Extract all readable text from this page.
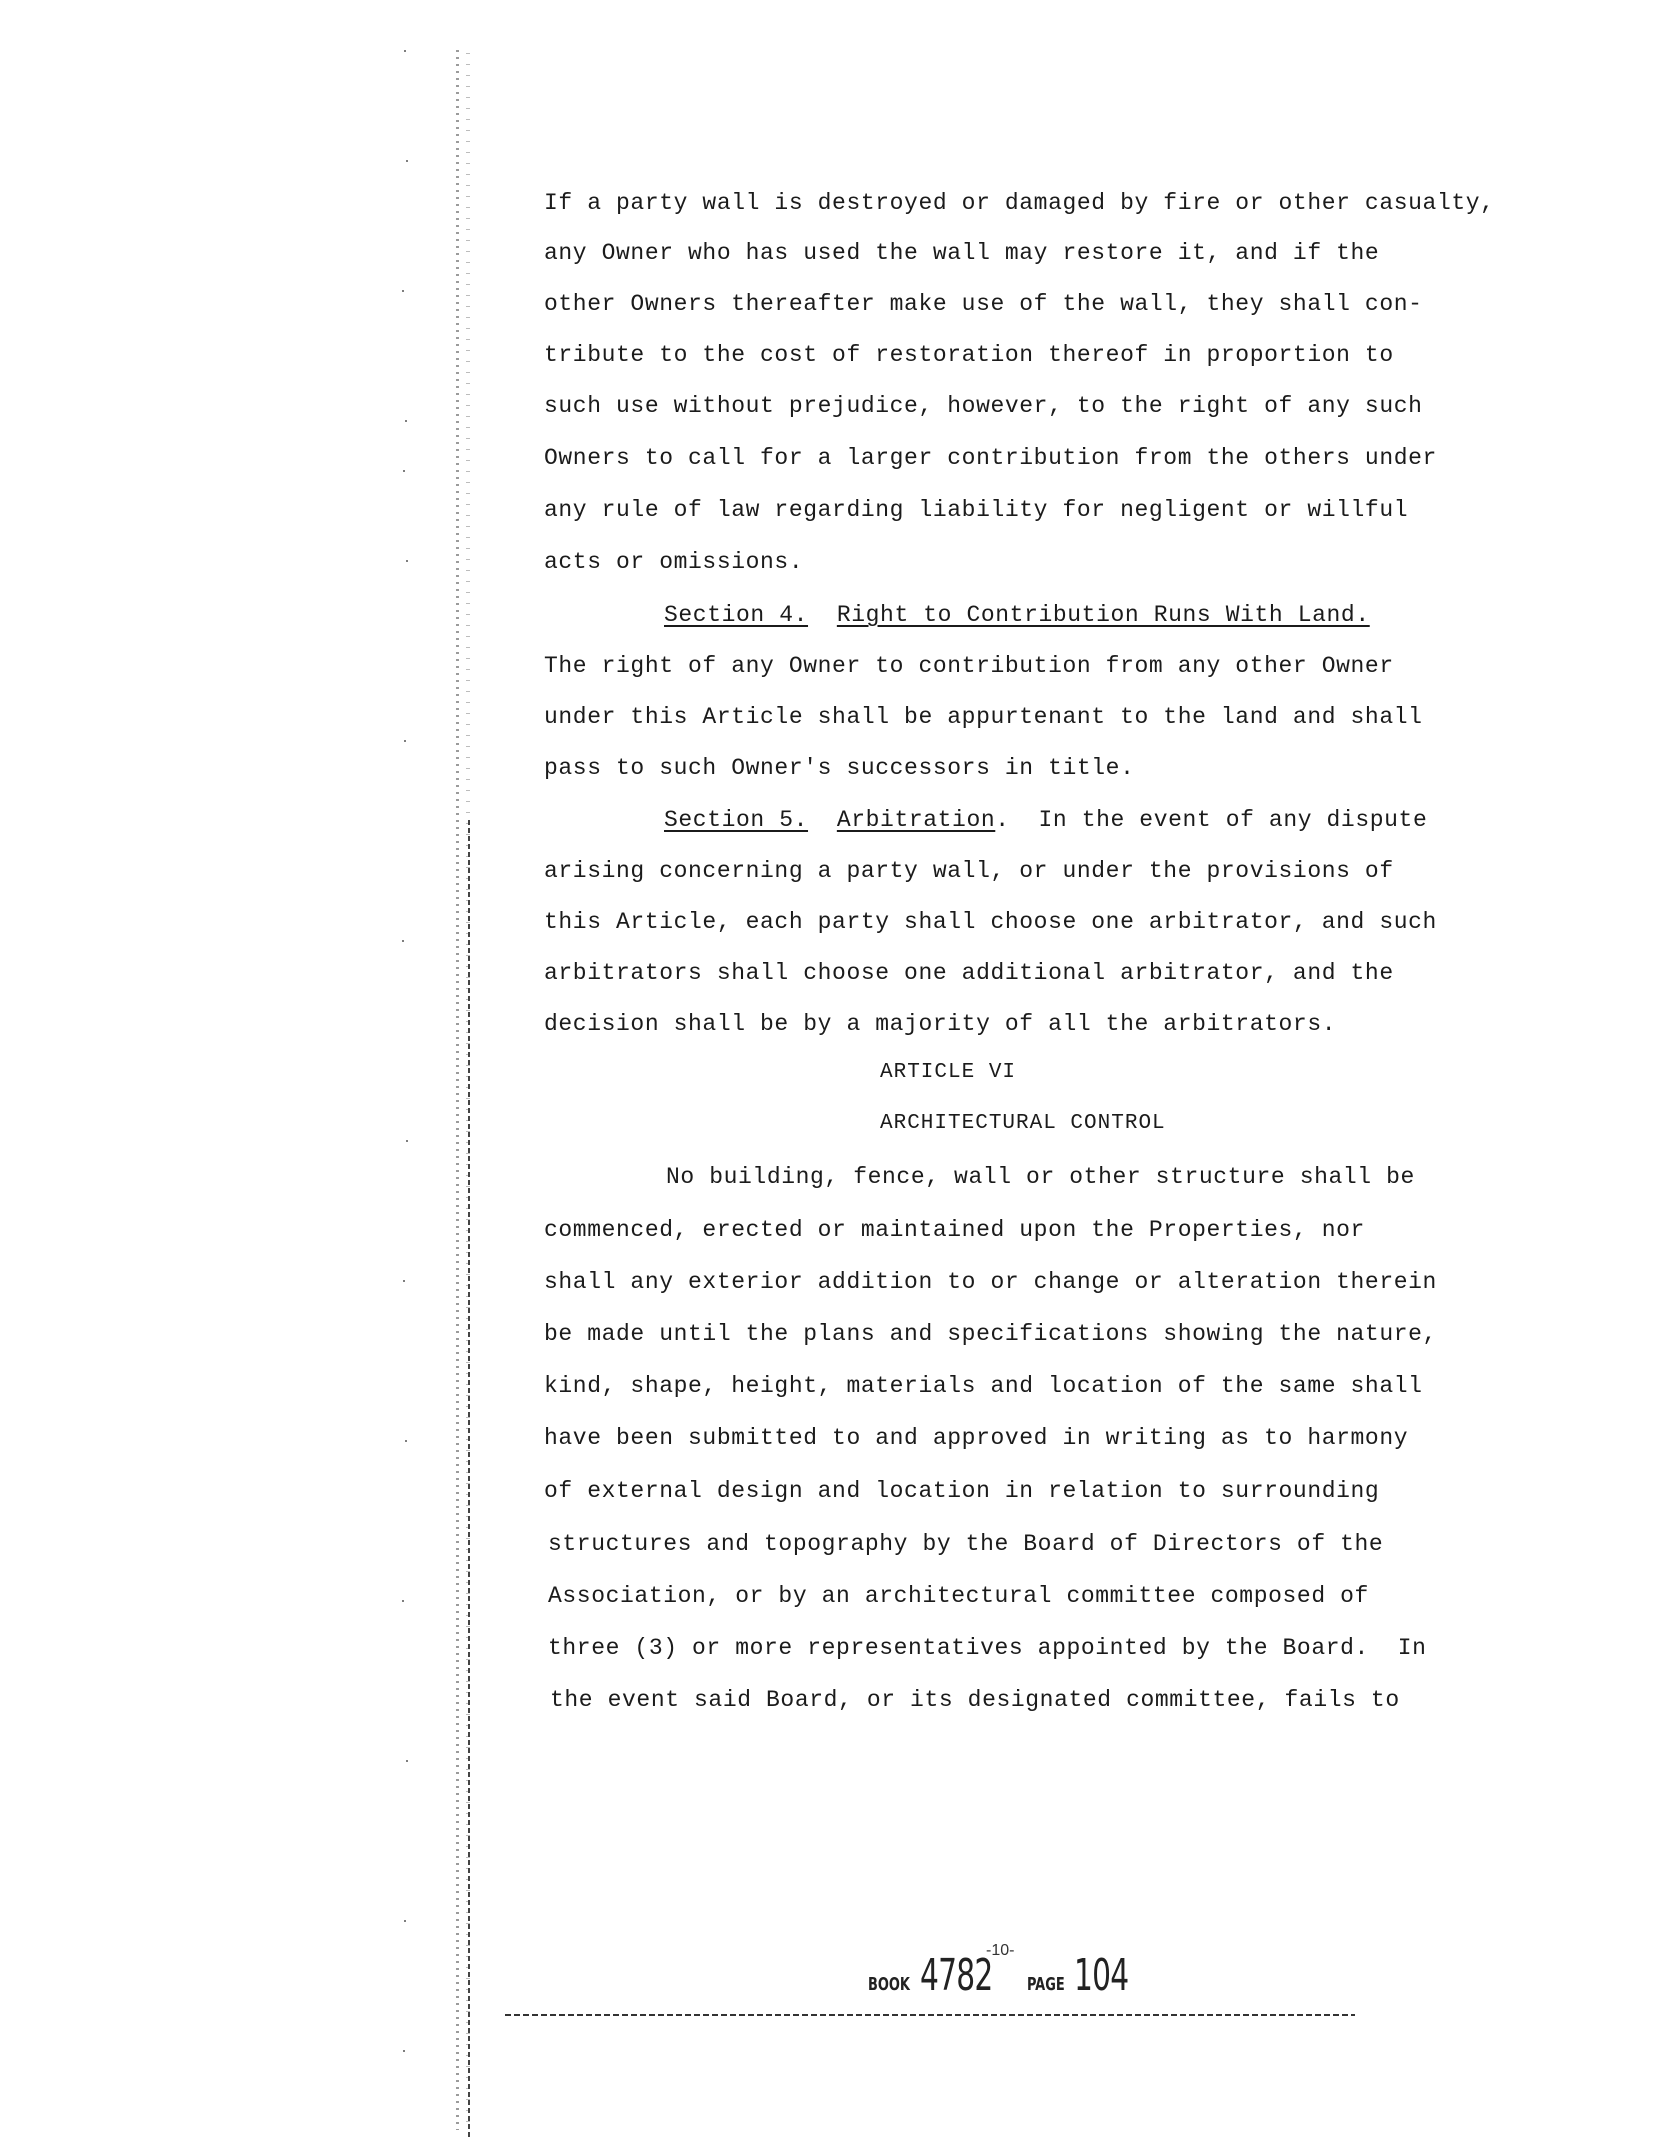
If a party wall is destroyed or damaged by fire or other casualty,
any Owner who has used the wall may restore it, and if the
other Owners thereafter make use of the wall, they shall con-
tribute to the cost of restoration thereof in proportion to
such use without prejudice, however, to the right of any such
Owners to call for a larger contribution from the others under
any rule of law regarding liability for negligent or willful
acts or omissions.
Section 4. Right to Contribution Runs With Land.
The right of any Owner to contribution from any other Owner
under this Article shall be appurtenant to the land and shall
pass to such Owner's successors in title.
Section 5. Arbitration.  In the event of any dispute
arising concerning a party wall, or under the provisions of
this Article, each party shall choose one arbitrator, and such
arbitrators shall choose one additional arbitrator, and the
decision shall be by a majority of all the arbitrators.
ARTICLE VI
ARCHITECTURAL CONTROL
No building, fence, wall or other structure shall be
commenced, erected or maintained upon the Properties, nor
shall any exterior addition to or change or alteration therein
be made until the plans and specifications showing the nature,
kind, shape, height, materials and location of the same shall
have been submitted to and approved in writing as to harmony
of external design and location in relation to surrounding
structures and topography by the Board of Directors of the
Association, or by an architectural committee composed of
three (3) or more representatives appointed by the Board.  In
the event said Board, or its designated committee, fails to
-10-
BOOK 4782 PAGE 104
